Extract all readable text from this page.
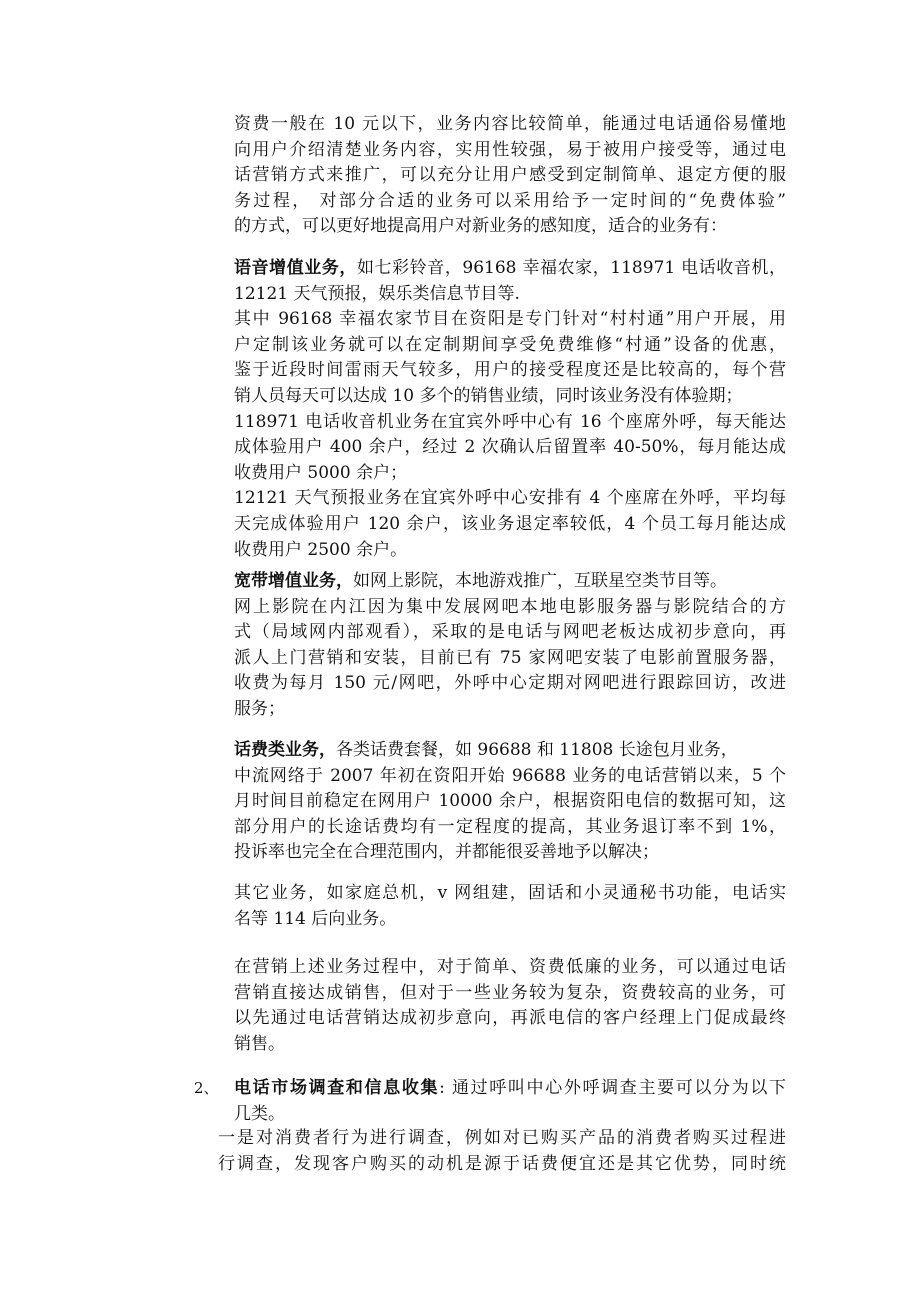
资费一般在 10 元以下，业务内容比较简单，能通过电话通俗易懂地
向用户介绍清楚业务内容，实用性较强，易于被用户接受等，通过电
话营销方式来推广，可以充分让用户感受到定制简单、退定方便的服
务过程， 对部分合适的业务可以采用给予一定时间的“免费体验”
的方式，可以更好地提高用户对新业务的感知度，适合的业务有：
语音增值业务，如七彩铃音，96168 幸福农家，118971 电话收音机，
12121 天气预报，娱乐类信息节目等.
其中 96168 幸福农家节目在资阳是专门针对“村村通”用户开展，用
户定制该业务就可以在定制期间享受免费维修“村通”设备的优惠，
鉴于近段时间雷雨天气较多，用户的接受程度还是比较高的，每个营
销人员每天可以达成 10 多个的销售业绩，同时该业务没有体验期；
118971 电话收音机业务在宜宾外呼中心有 16 个座席外呼，每天能达
成体验用户 400 余户，经过 2 次确认后留置率 40-50%，每月能达成
收费用户 5000 余户；
12121 天气预报业务在宜宾外呼中心安排有 4 个座席在外呼，平均每
天完成体验用户 120 余户，该业务退定率较低，4 个员工每月能达成
收费用户 2500 余户。
宽带增值业务，如网上影院，本地游戏推广，互联星空类节目等。
网上影院在内江因为集中发展网吧本地电影服务器与影院结合的方
式（局域网内部观看），采取的是电话与网吧老板达成初步意向，再
派人上门营销和安装，目前已有 75 家网吧安装了电影前置服务器，
收费为每月 150 元/网吧，外呼中心定期对网吧进行跟踪回访，改进
服务；
话费类业务，各类话费套餐，如 96688 和 11808 长途包月业务，
中流网络于 2007 年初在资阳开始 96688 业务的电话营销以来，5 个
月时间目前稳定在网用户 10000 余户，根据资阳电信的数据可知，这
部分用户的长途话费均有一定程度的提高，其业务退订率不到 1%，
投诉率也完全在合理范围内，并都能很妥善地予以解决；
其它业务，如家庭总机，v 网组建，固话和小灵通秘书功能，电话实
名等 114 后向业务。
在营销上述业务过程中，对于简单、资费低廉的业务，可以通过电话
营销直接达成销售，但对于一些业务较为复杂，资费较高的业务，可
以先通过电话营销达成初步意向，再派电信的客户经理上门促成最终
销售。
2、 电话市场调查和信息收集: 通过呼叫中心外呼调查主要可以分为以下
几类。
一是对消费者行为进行调查，例如对已购买产品的消费者购买过程进
行调查，发现客户购买的动机是源于话费便宜还是其它优势，同时统
